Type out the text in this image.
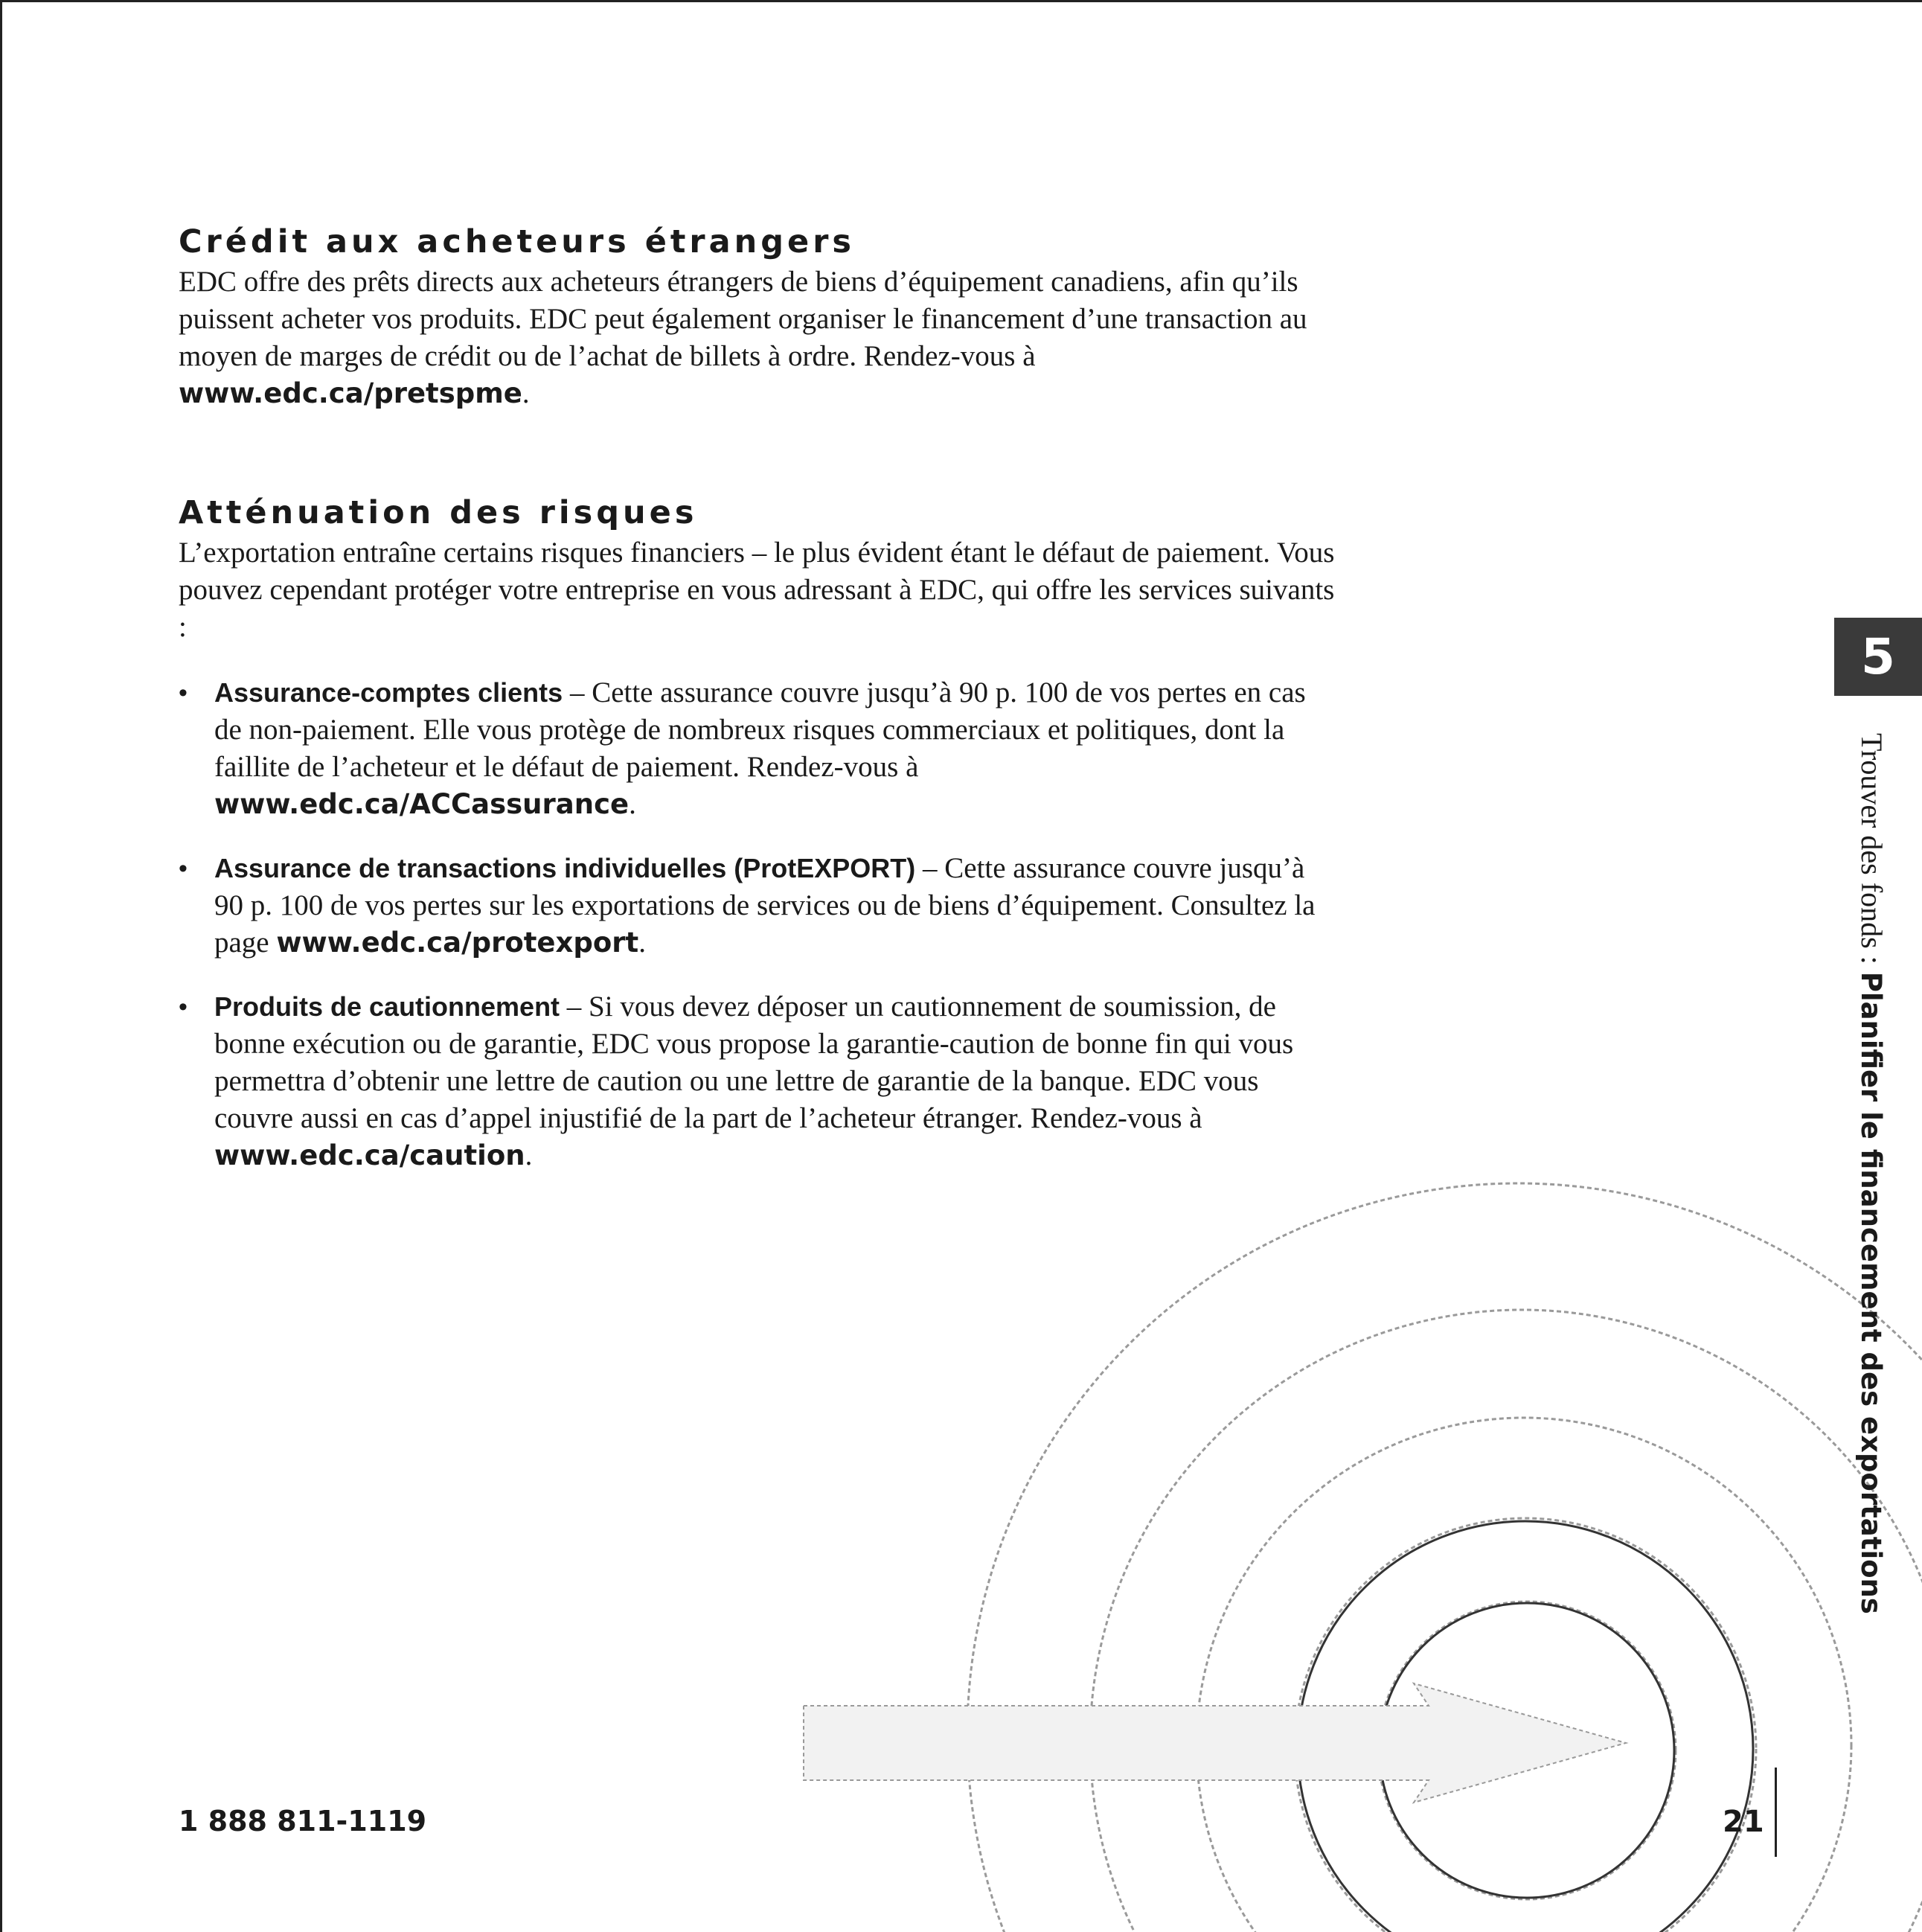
Crédit aux acheteurs étrangers

EDC offre des prêts directs aux acheteurs étrangers de biens d’équipement canadiens, afin qu’ils puissent acheter vos produits. EDC peut également organiser le financement d’une transaction au moyen de marges de crédit ou de l’achat de billets à ordre. Rendez-vous à www.edc.ca/pretspme.

Atténuation des risques

L’exportation entraîne certains risques financiers – le plus évident étant le défaut de paiement. Vous pouvez cependant protéger votre entreprise en vous adressant à EDC, qui offre les services suivants :

• Assurance-comptes clients – Cette assurance couvre jusqu’à 90 p. 100 de vos pertes en cas de non-paiement. Elle vous protège de nombreux risques commerciaux et politiques, dont la faillite de l’acheteur et le défaut de paiement. Rendez-vous à www.edc.ca/ACCassurance.
• Assurance de transactions individuelles (ProtEXPORT) – Cette assurance couvre jusqu’à 90 p. 100 de vos pertes sur les exportations de services ou de biens d’équipement. Consultez la page www.edc.ca/protexport.
• Produits de cautionnement – Si vous devez déposer un cautionnement de soumission, de bonne exécution ou de garantie, EDC vous propose la garantie-caution de bonne fin qui vous permettra d’obtenir une lettre de caution ou une lettre de garantie de la banque. EDC vous couvre aussi en cas d’appel injustifié de la part de l’acheteur étranger. Rendez-vous à www.edc.ca/caution.
5
Trouver des fonds : Planifier le financement des exportations
1 888 811-1119	21
